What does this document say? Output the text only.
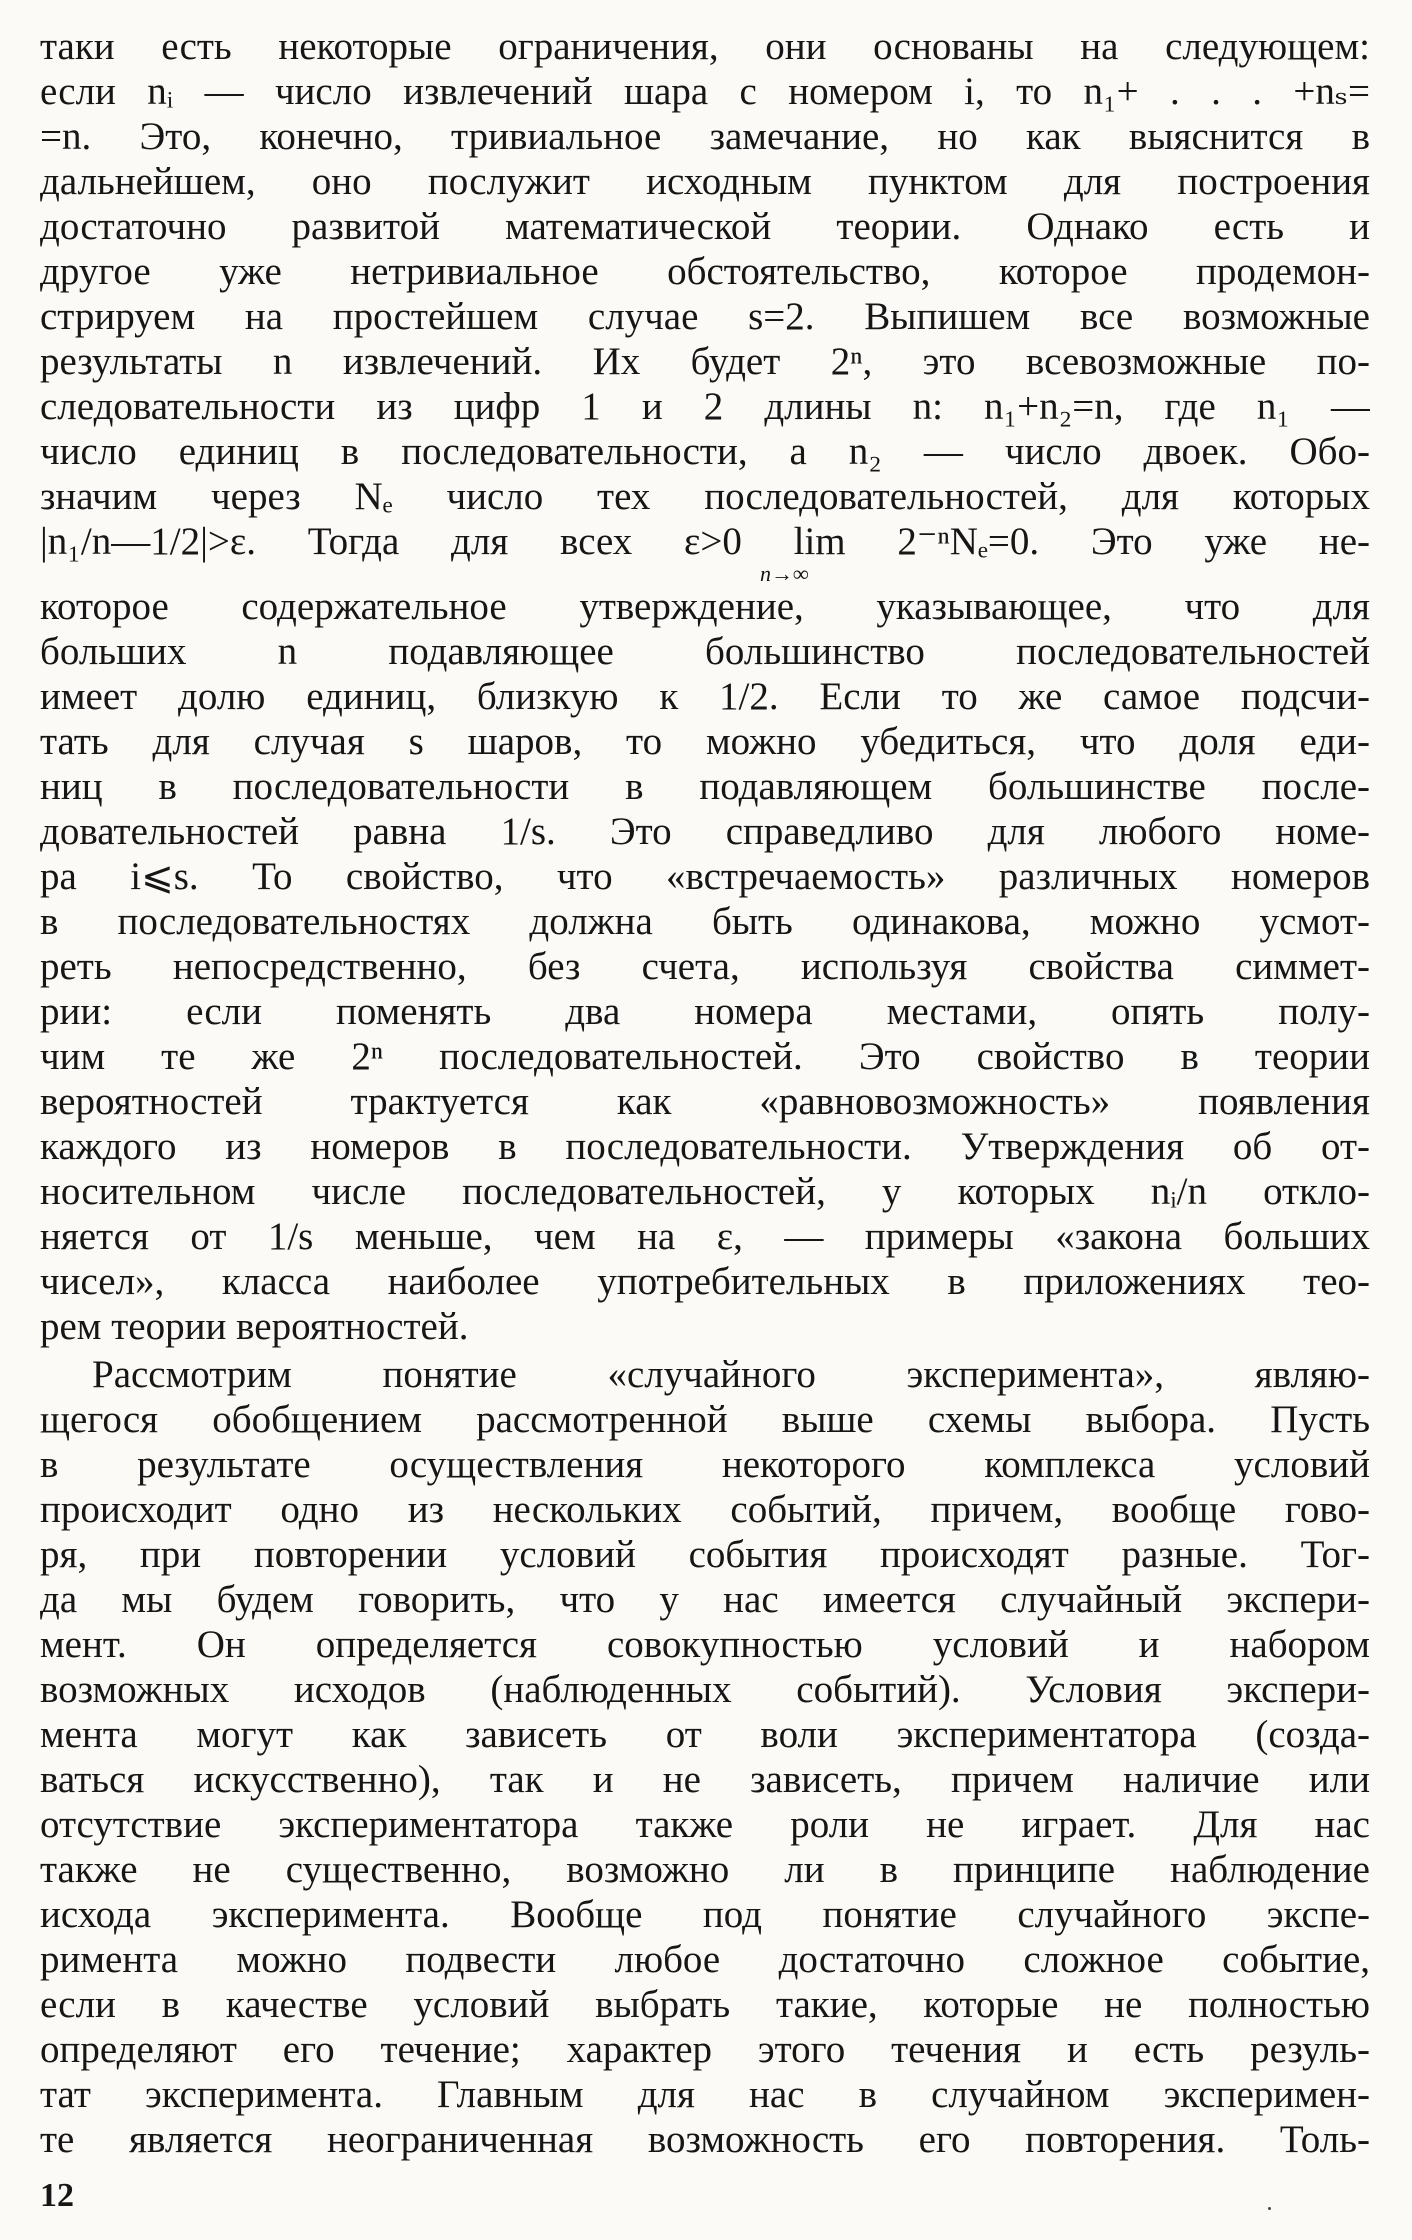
таки есть некоторые ограничения, они основаны на следующем:
если nᵢ — число извлечений шара с номером i, то n₁+ . . . +nₛ=
=n. Это, конечно, тривиальное замечание, но как выяснится в
дальнейшем, оно послужит исходным пунктом для построения
достаточно развитой математической теории. Однако есть и
другое уже нетривиальное обстоятельство, которое продемон-
стрируем на простейшем случае s=2. Выпишем все возможные
результаты n извлечений. Их будет 2ⁿ, это всевозможные по-
следовательности из цифр 1 и 2 длины n: n₁+n₂=n, где n₁ —
число единиц в последовательности, а n₂ — число двоек. Обо-
значим через Nₑ число тех последовательностей, для которых
|n₁/n—1/2|>ε. Тогда для всех ε>0 lim 2⁻ⁿNₑ=0. Это уже не-
n→∞
которое содержательное утверждение, указывающее, что для
больших n подавляющее большинство последовательностей
имеет долю единиц, близкую к 1/2. Если то же самое подсчи-
тать для случая s шаров, то можно убедиться, что доля еди-
ниц в последовательности в подавляющем большинстве после-
довательностей равна 1/s. Это справедливо для любого номе-
ра i⩽s. То свойство, что «встречаемость» различных номеров
в последовательностях должна быть одинакова, можно усмот-
реть непосредственно, без счета, используя свойства симмет-
рии: если поменять два номера местами, опять полу-
чим те же 2ⁿ последовательностей. Это свойство в теории
вероятностей трактуется как «равновозможность» появления
каждого из номеров в последовательности. Утверждения об от-
носительном числе последовательностей, у которых nᵢ/n откло-
няется от 1/s меньше, чем на ε, — примеры «закона больших
чисел», класса наиболее употребительных в приложениях тео-
рем теории вероятностей.
Рассмотрим понятие «случайного эксперимента», являю-
щегося обобщением рассмотренной выше схемы выбора. Пусть
в результате осуществления некоторого комплекса условий
происходит одно из нескольких событий, причем, вообще гово-
ря, при повторении условий события происходят разные. Тог-
да мы будем говорить, что у нас имеется случайный экспери-
мент. Он определяется совокупностью условий и набором
возможных исходов (наблюденных событий). Условия экспери-
мента могут как зависеть от воли экспериментатора (созда-
ваться искусственно), так и не зависеть, причем наличие или
отсутствие экспериментатора также роли не играет. Для нас
также не существенно, возможно ли в принципе наблюдение
исхода эксперимента. Вообще под понятие случайного экспе-
римента можно подвести любое достаточно сложное событие,
если в качестве условий выбрать такие, которые не полностью
определяют его течение; характер этого течения и есть резуль-
тат эксперимента. Главным для нас в случайном эксперимен-
те является неограниченная возможность его повторения. Толь-
12
